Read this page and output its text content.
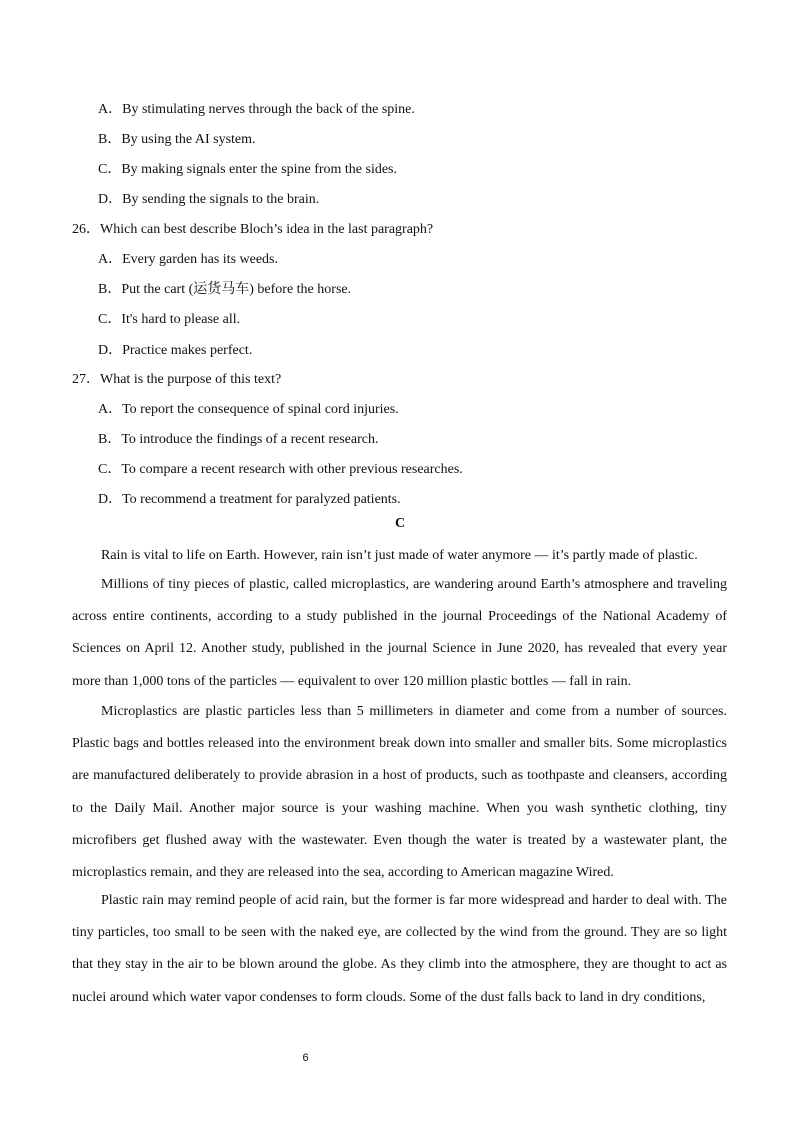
A．By stimulating nerves through the back of the spine.
B．By using the AI system.
C．By making signals enter the spine from the sides.
D．By sending the signals to the brain.
26．Which can best describe Bloch’s idea in the last paragraph?
A．Every garden has its weeds.
B．Put the cart (运货马车) before the horse.
C．It's hard to please all.
D．Practice makes perfect.
27．What is the purpose of this text?
A．To report the consequence of spinal cord injuries.
B．To introduce the findings of a recent research.
C．To compare a recent research with other previous researches.
D．To recommend a treatment for paralyzed patients.
C

Rain is vital to life on Earth. However, rain isn’t just made of water anymore — it’s partly made of plastic.

Millions of tiny pieces of plastic, called microplastics, are wandering around Earth’s atmosphere and traveling across entire continents, according to a study published in the journal Proceedings of the National Academy of Sciences on April 12. Another study, published in the journal Science in June 2020, has revealed that every year more than 1,000 tons of the particles — equivalent to over 120 million plastic bottles — fall in rain.

Microplastics are plastic particles less than 5 millimeters in diameter and come from a number of sources. Plastic bags and bottles released into the environment break down into smaller and smaller bits. Some microplastics are manufactured deliberately to provide abrasion in a host of products, such as toothpaste and cleansers, according to the Daily Mail. Another major source is your washing machine. When you wash synthetic clothing, tiny microfibers get flushed away with the wastewater. Even though the water is treated by a wastewater plant, the microplastics remain, and they are released into the sea, according to American magazine Wired.

Plastic rain may remind people of acid rain, but the former is far more widespread and harder to deal with. The tiny particles, too small to be seen with the naked eye, are collected by the wind from the ground. They are so light that they stay in the air to be blown around the globe. As they climb into the atmosphere, they are thought to act as nuclei around which water vapor condenses to form clouds. Some of the dust falls back to land in dry conditions,

6
